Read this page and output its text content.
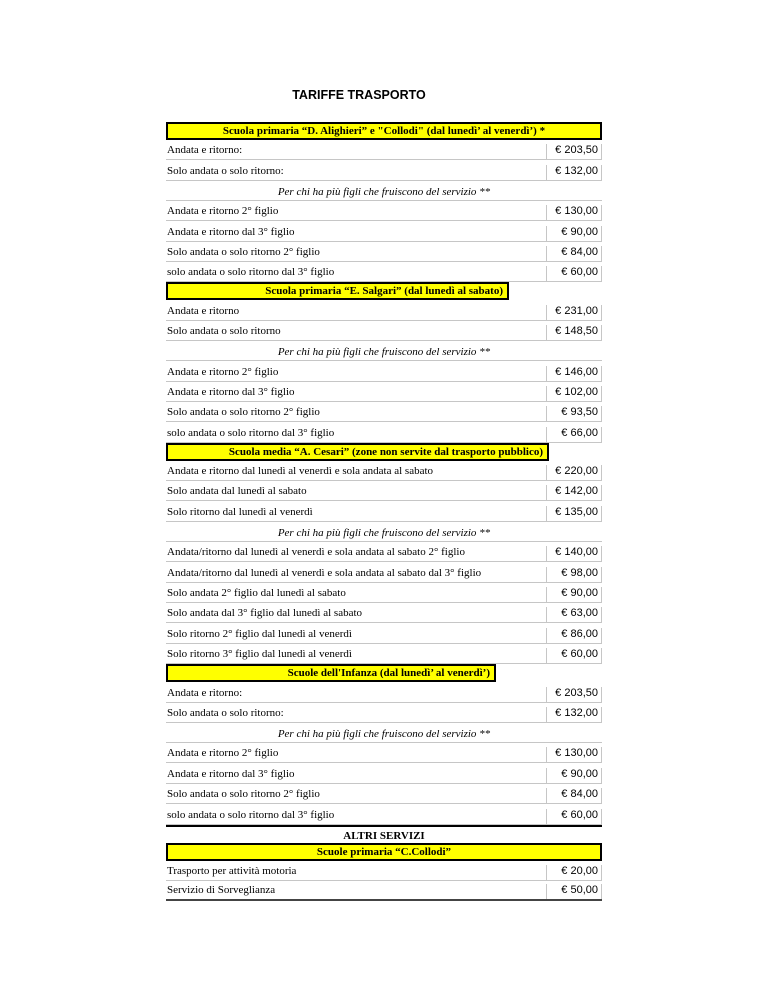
TARIFFE TRASPORTO
Scuola primaria “D. Alighieri” e "Collodi" (dal lunedì’ al venerdì’) *
Andata e ritorno:	€ 203,50
Solo andata o solo ritorno:	€ 132,00
Per chi ha più figli che fruiscono del servizio **
Andata e ritorno 2° figlio	€ 130,00
Andata e ritorno dal 3° figlio	€ 90,00
Solo andata o solo ritorno 2° figlio	€ 84,00
solo andata o solo ritorno dal 3° figlio	€ 60,00
Scuola primaria “E. Salgari” (dal lunedì al sabato)
Andata e ritorno	€ 231,00
Solo andata o solo ritorno	€ 148,50
Per chi ha più figli che fruiscono del servizio **
Andata e ritorno 2° figlio	€ 146,00
Andata e ritorno dal 3° figlio	€ 102,00
Solo andata o solo ritorno 2° figlio	€ 93,50
solo andata o solo ritorno dal 3° figlio	€ 66,00
Scuola media “A. Cesari” (zone non servite dal trasporto pubblico)
Andata e ritorno dal lunedì al venerdì e sola andata al sabato	€ 220,00
Solo andata dal lunedì al sabato	€ 142,00
Solo ritorno dal lunedì al venerdì	€ 135,00
Per chi ha più figli che fruiscono del servizio **
Andata/ritorno dal lunedì al venerdì e sola andata al sabato 2° figlio	€ 140,00
Andata/ritorno dal lunedì al venerdì e sola andata al sabato dal 3° figlio	€ 98,00
Solo andata 2° figlio dal lunedì al sabato	€ 90,00
Solo andata dal 3° figlio dal lunedì al sabato	€ 63,00
Solo ritorno 2° figlio dal lunedì al venerdì	€ 86,00
Solo ritorno 3° figlio dal lunedì al venerdì	€ 60,00
Scuole dell'Infanza (dal lunedì’ al venerdì’)
Andata e ritorno:	€ 203,50
Solo andata o solo ritorno:	€ 132,00
Per chi ha più figli che fruiscono del servizio **
Andata e ritorno 2° figlio	€ 130,00
Andata e ritorno dal 3° figlio	€ 90,00
Solo andata o solo ritorno 2° figlio	€ 84,00
solo andata o solo ritorno dal 3° figlio	€ 60,00
ALTRI SERVIZI
Scuole primaria “C.Collodi”
Trasporto per attività motoria	€ 20,00
Servizio di Sorveglianza	€ 50,00
